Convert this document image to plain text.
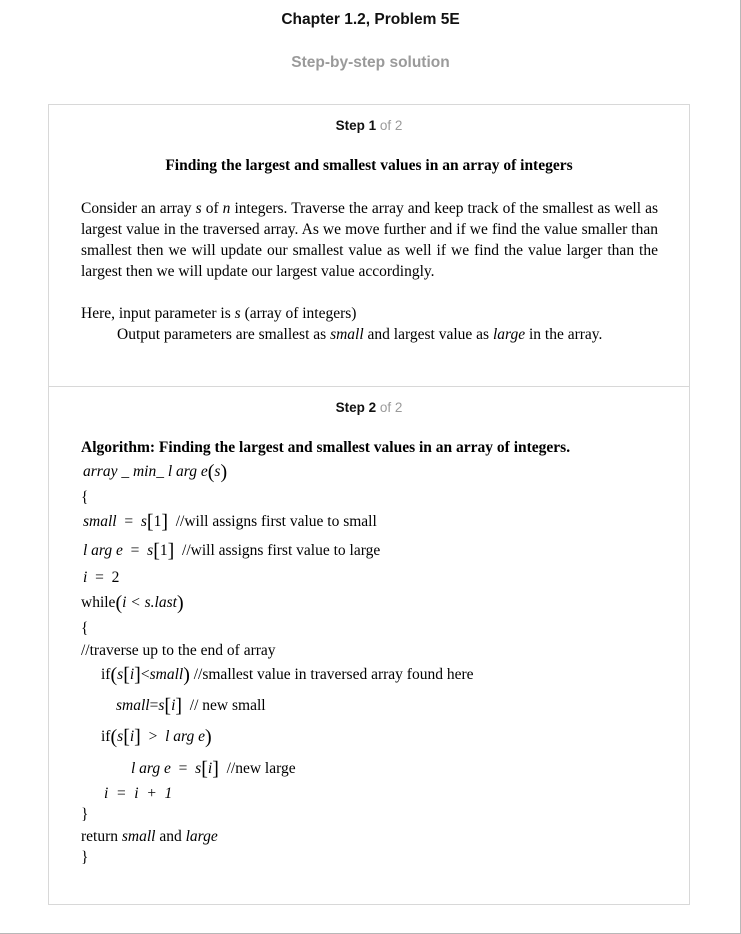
Chapter 1.2, Problem 5E
Step-by-step solution
Step 1 of 2
Finding the largest and smallest values in an array of integers
Consider an array s of n integers. Traverse the array and keep track of the smallest as well as largest value in the traversed array. As we move further and if we find the value smaller than smallest then we will update our smallest value as well if we find the value larger than the largest then we will update our largest value accordingly.
Here, input parameter is s (array of integers)
Output parameters are smallest as small and largest value as large in the array.
Step 2 of 2
Algorithm: Finding the largest and smallest values in an array of integers.
array _ min_ l arg e(s)
{
small = s[1] //will assigns first value to small
l arg e = s[1] //will assigns first value to large
i = 2
while(i < s.last)
{
//traverse up to the end of array
if(s[i]<small) //smallest value in traversed array found here
small=s[i] // new small
if(s[i] > l arg e)
l arg e = s[i] //new large
i  =  i  +  1
}
return small and large
}
